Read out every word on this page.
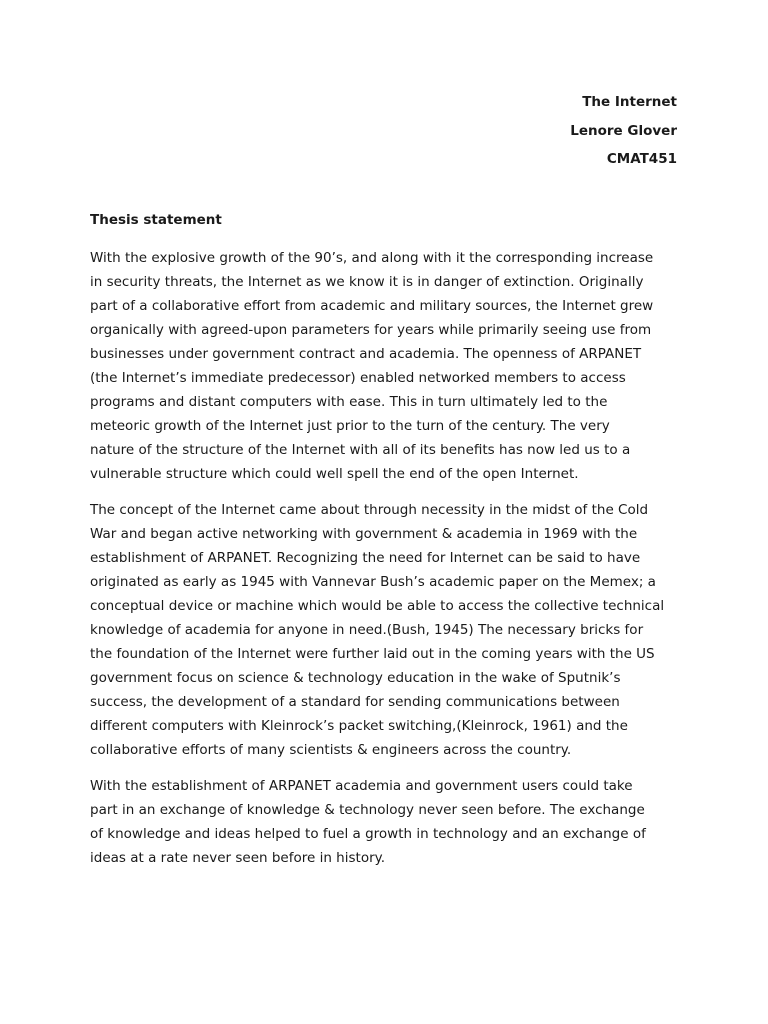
The Internet
Lenore Glover
CMAT451
Thesis statement
With the explosive growth of the 90’s, and along with it the corresponding increase
in security threats, the Internet as we know it is in danger of extinction. Originally
part of a collaborative effort from academic and military sources, the Internet grew
organically with agreed-upon parameters for years while primarily seeing use from
businesses under government contract and academia. The openness of ARPANET
(the Internet’s immediate predecessor) enabled networked members to access
programs and distant computers with ease. This in turn ultimately led to the
meteoric growth of the Internet just prior to the turn of the century. The very
nature of the structure of the Internet with all of its benefits has now led us to a
vulnerable structure which could well spell the end of the open Internet.
The concept of the Internet came about through necessity in the midst of the Cold
War and began active networking with government & academia in 1969 with the
establishment of ARPANET. Recognizing the need for Internet can be said to have
originated as early as 1945 with Vannevar Bush’s academic paper on the Memex; a
conceptual device or machine which would be able to access the collective technical
knowledge of academia for anyone in need.(Bush, 1945) The necessary bricks for
the foundation of the Internet were further laid out in the coming years with the US
government focus on science & technology education in the wake of Sputnik’s
success, the development of a standard for sending communications between
different computers with Kleinrock’s packet switching,(Kleinrock, 1961) and the
collaborative efforts of many scientists & engineers across the country.
With the establishment of ARPANET academia and government users could take
part in an exchange of knowledge & technology never seen before. The exchange
of knowledge and ideas helped to fuel a growth in technology and an exchange of
ideas at a rate never seen before in history.
